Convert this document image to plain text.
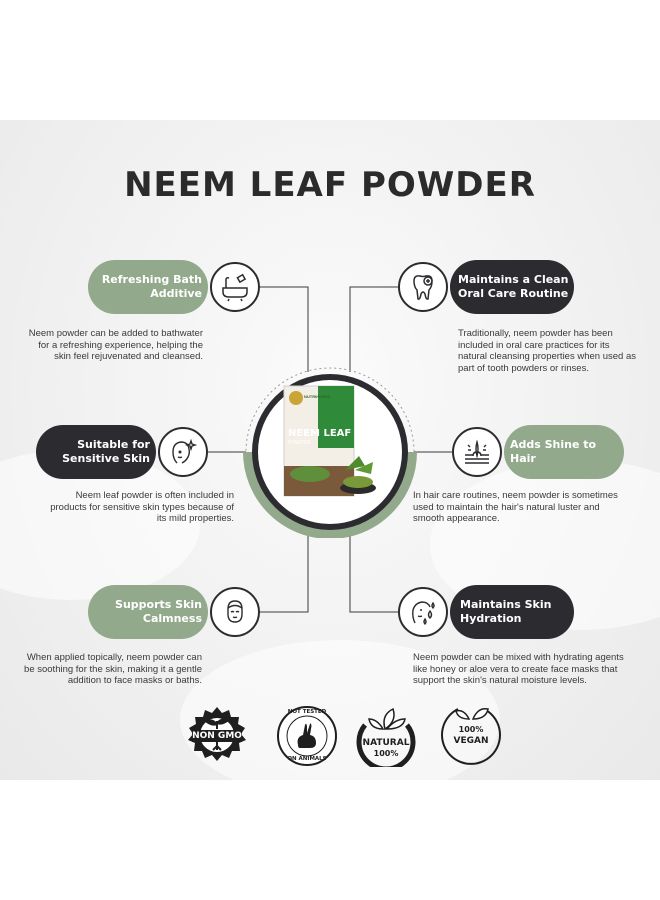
NEEM LEAF POWDER
NUTRIHERBS
NEEM LEAF
POWDER
Refreshing Bath
Additive
Neem powder can be added to bathwater
for a refreshing experience, helping the
skin feel rejuvenated and cleansed.
Maintains a Clean
Oral Care Routine
Traditionally, neem powder has been
included in oral care practices for its
natural cleansing properties when used as
part of tooth powders or rinses.
Suitable for
Sensitive Skin
Neem leaf powder is often included in
products for sensitive skin types because of
its mild properties.
Adds Shine to Hair
In hair care routines, neem powder is sometimes
used to maintain the hair's natural luster and
smooth appearance.
Supports Skin
Calmness
When applied topically, neem powder can
be soothing for the skin, making it a gentle
addition to face masks or baths.
Maintains Skin
Hydration
Neem powder can be mixed with hydrating agents
like honey or aloe vera to create face masks that
support the skin's natural moisture levels.
NON GMO
NOT TESTED
ON ANIMALS
NATURAL
100%
100%
VEGAN
